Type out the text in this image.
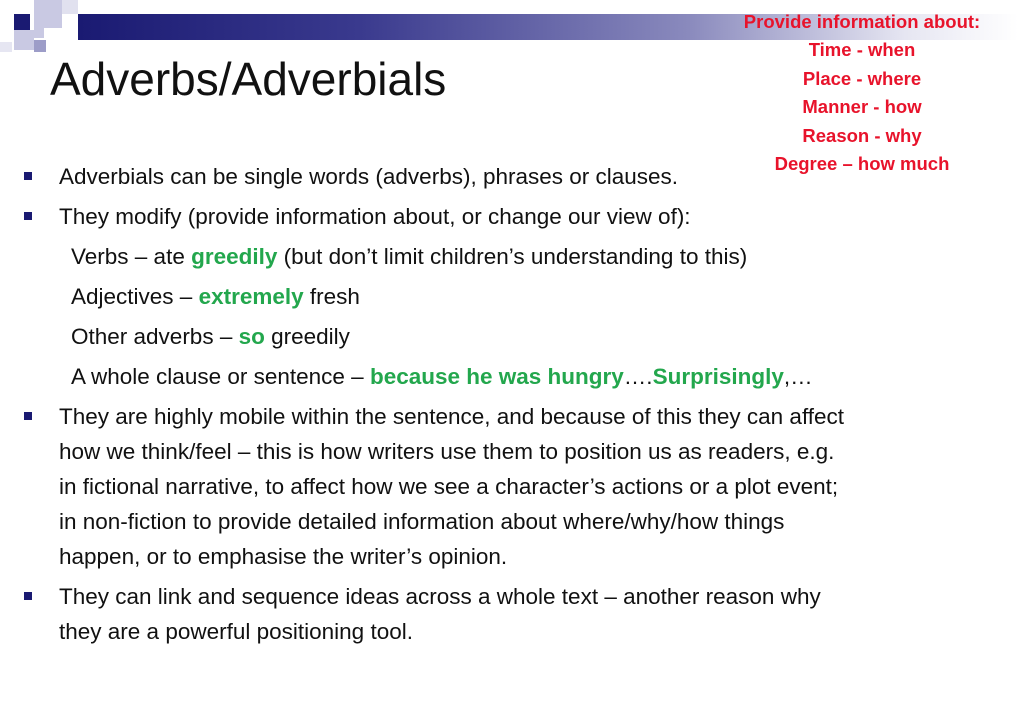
Adverbs/Adverbials
Provide information about:
Time - when
Place - where
Manner - how
Reason - why
Degree – how much
Adverbials can be single words (adverbs), phrases or clauses.
They modify (provide information about, or change our view of):
Verbs – ate greedily (but don’t limit children’s understanding to this)
Adjectives – extremely fresh
Other adverbs – so greedily
A whole clause or sentence – because he was hungry….Surprisingly,…
They are highly mobile within the sentence, and because of this they can affect
how we think/feel – this is how writers use them to position us as readers, e.g.
in fictional narrative, to affect how we see a character’s actions or a plot event;
in non-fiction to provide detailed information about where/why/how things
happen, or to emphasise the writer’s opinion.
They can link and sequence ideas across a whole text – another reason why
they are a powerful positioning tool.
